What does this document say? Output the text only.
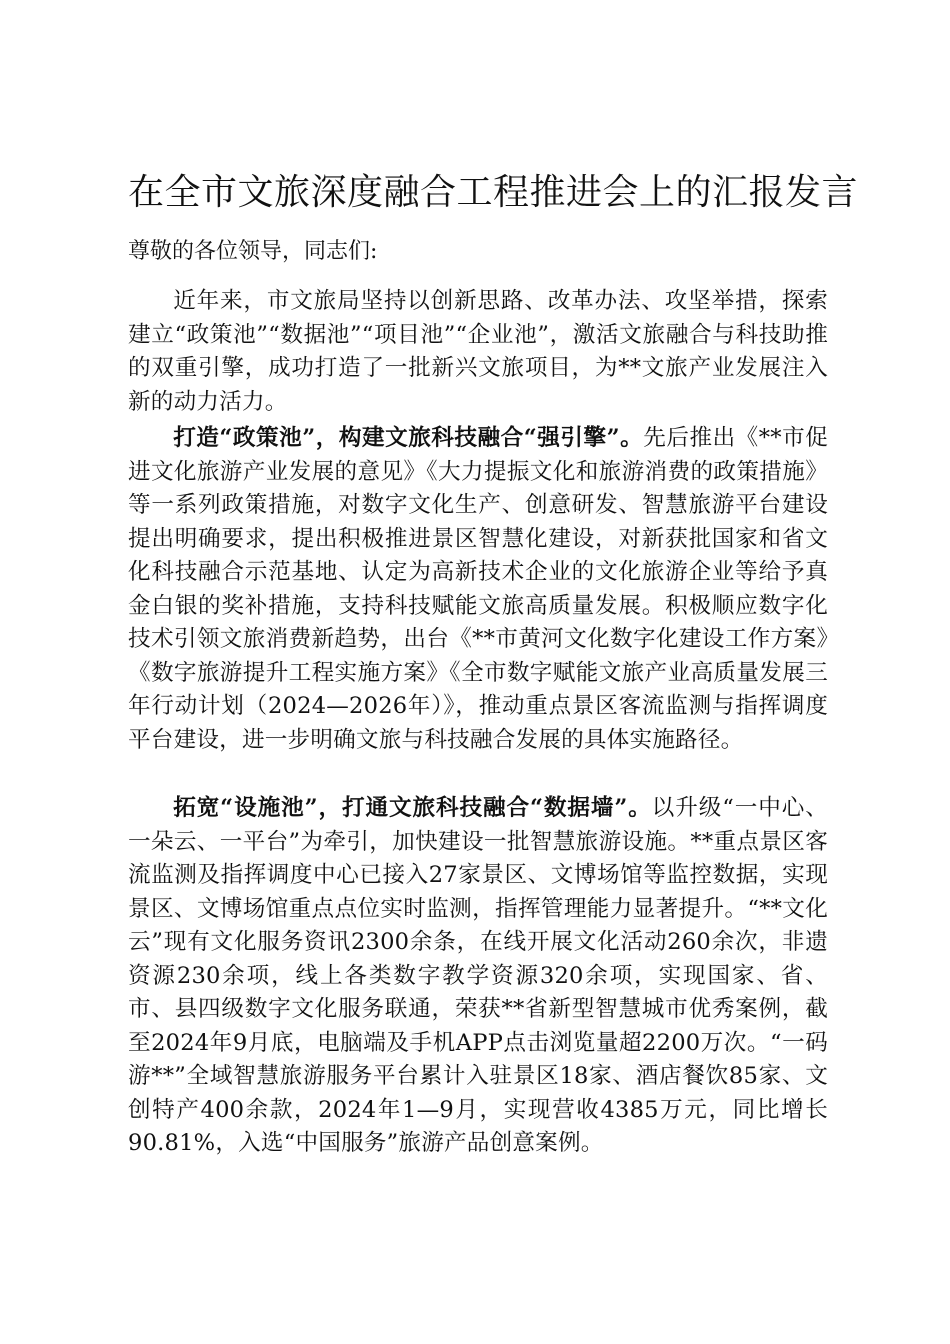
在全市文旅深度融合工程推进会上的汇报发言

尊敬的各位领导，同志们:

近年来，市文旅局坚持以创新思路、改革办法、攻坚举措，探索建立“政策池”“数据池”“项目池”“企业池”，激活文旅融合与科技助推的双重引擎，成功打造了一批新兴文旅项目，为**文旅产业发展注入新的动力活力。

打造“政策池”，构建文旅科技融合“强引擎”。先后推出《**市促进文化旅游产业发展的意见》《大力提振文化和旅游消费的政策措施》等一系列政策措施，对数字文化生产、创意研发、智慧旅游平台建设提出明确要求，提出积极推进景区智慧化建设，对新获批国家和省文化科技融合示范基地、认定为高新技术企业的文化旅游企业等给予真金白银的奖补措施，支持科技赋能文旅高质量发展。积极顺应数字化技术引领文旅消费新趋势，出台《**市黄河文化数字化建设工作方案》《数字旅游提升工程实施方案》《全市数字赋能文旅产业高质量发展三年行动计划（2024—2026年）》，推动重点景区客流监测与指挥调度平台建设，进一步明确文旅与科技融合发展的具体实施路径。

拓宽“设施池”，打通文旅科技融合“数据墙”。以升级“一中心、一朵云、一平台”为牵引，加快建设一批智慧旅游设施。**重点景区客流监测及指挥调度中心已接入27家景区、文博场馆等监控数据，实现景区、文博场馆重点点位实时监测，指挥管理能力显著提升。“**文化云”现有文化服务资讯2300余条，在线开展文化活动260余次，非遗资源230余项，线上各类数字教学资源320余项，实现国家、省、市、县四级数字文化服务联通，荣获**省新型智慧城市优秀案例，截至2024年9月底，电脑端及手机APP点击浏览量超2200万次。“一码游**”全域智慧旅游服务平台累计入驻景区18家、酒店餐饮85家、文创特产400余款，2024年1—9月，实现营收4385万元，同比增长90.81%，入选“中国服务”旅游产品创意案例。
